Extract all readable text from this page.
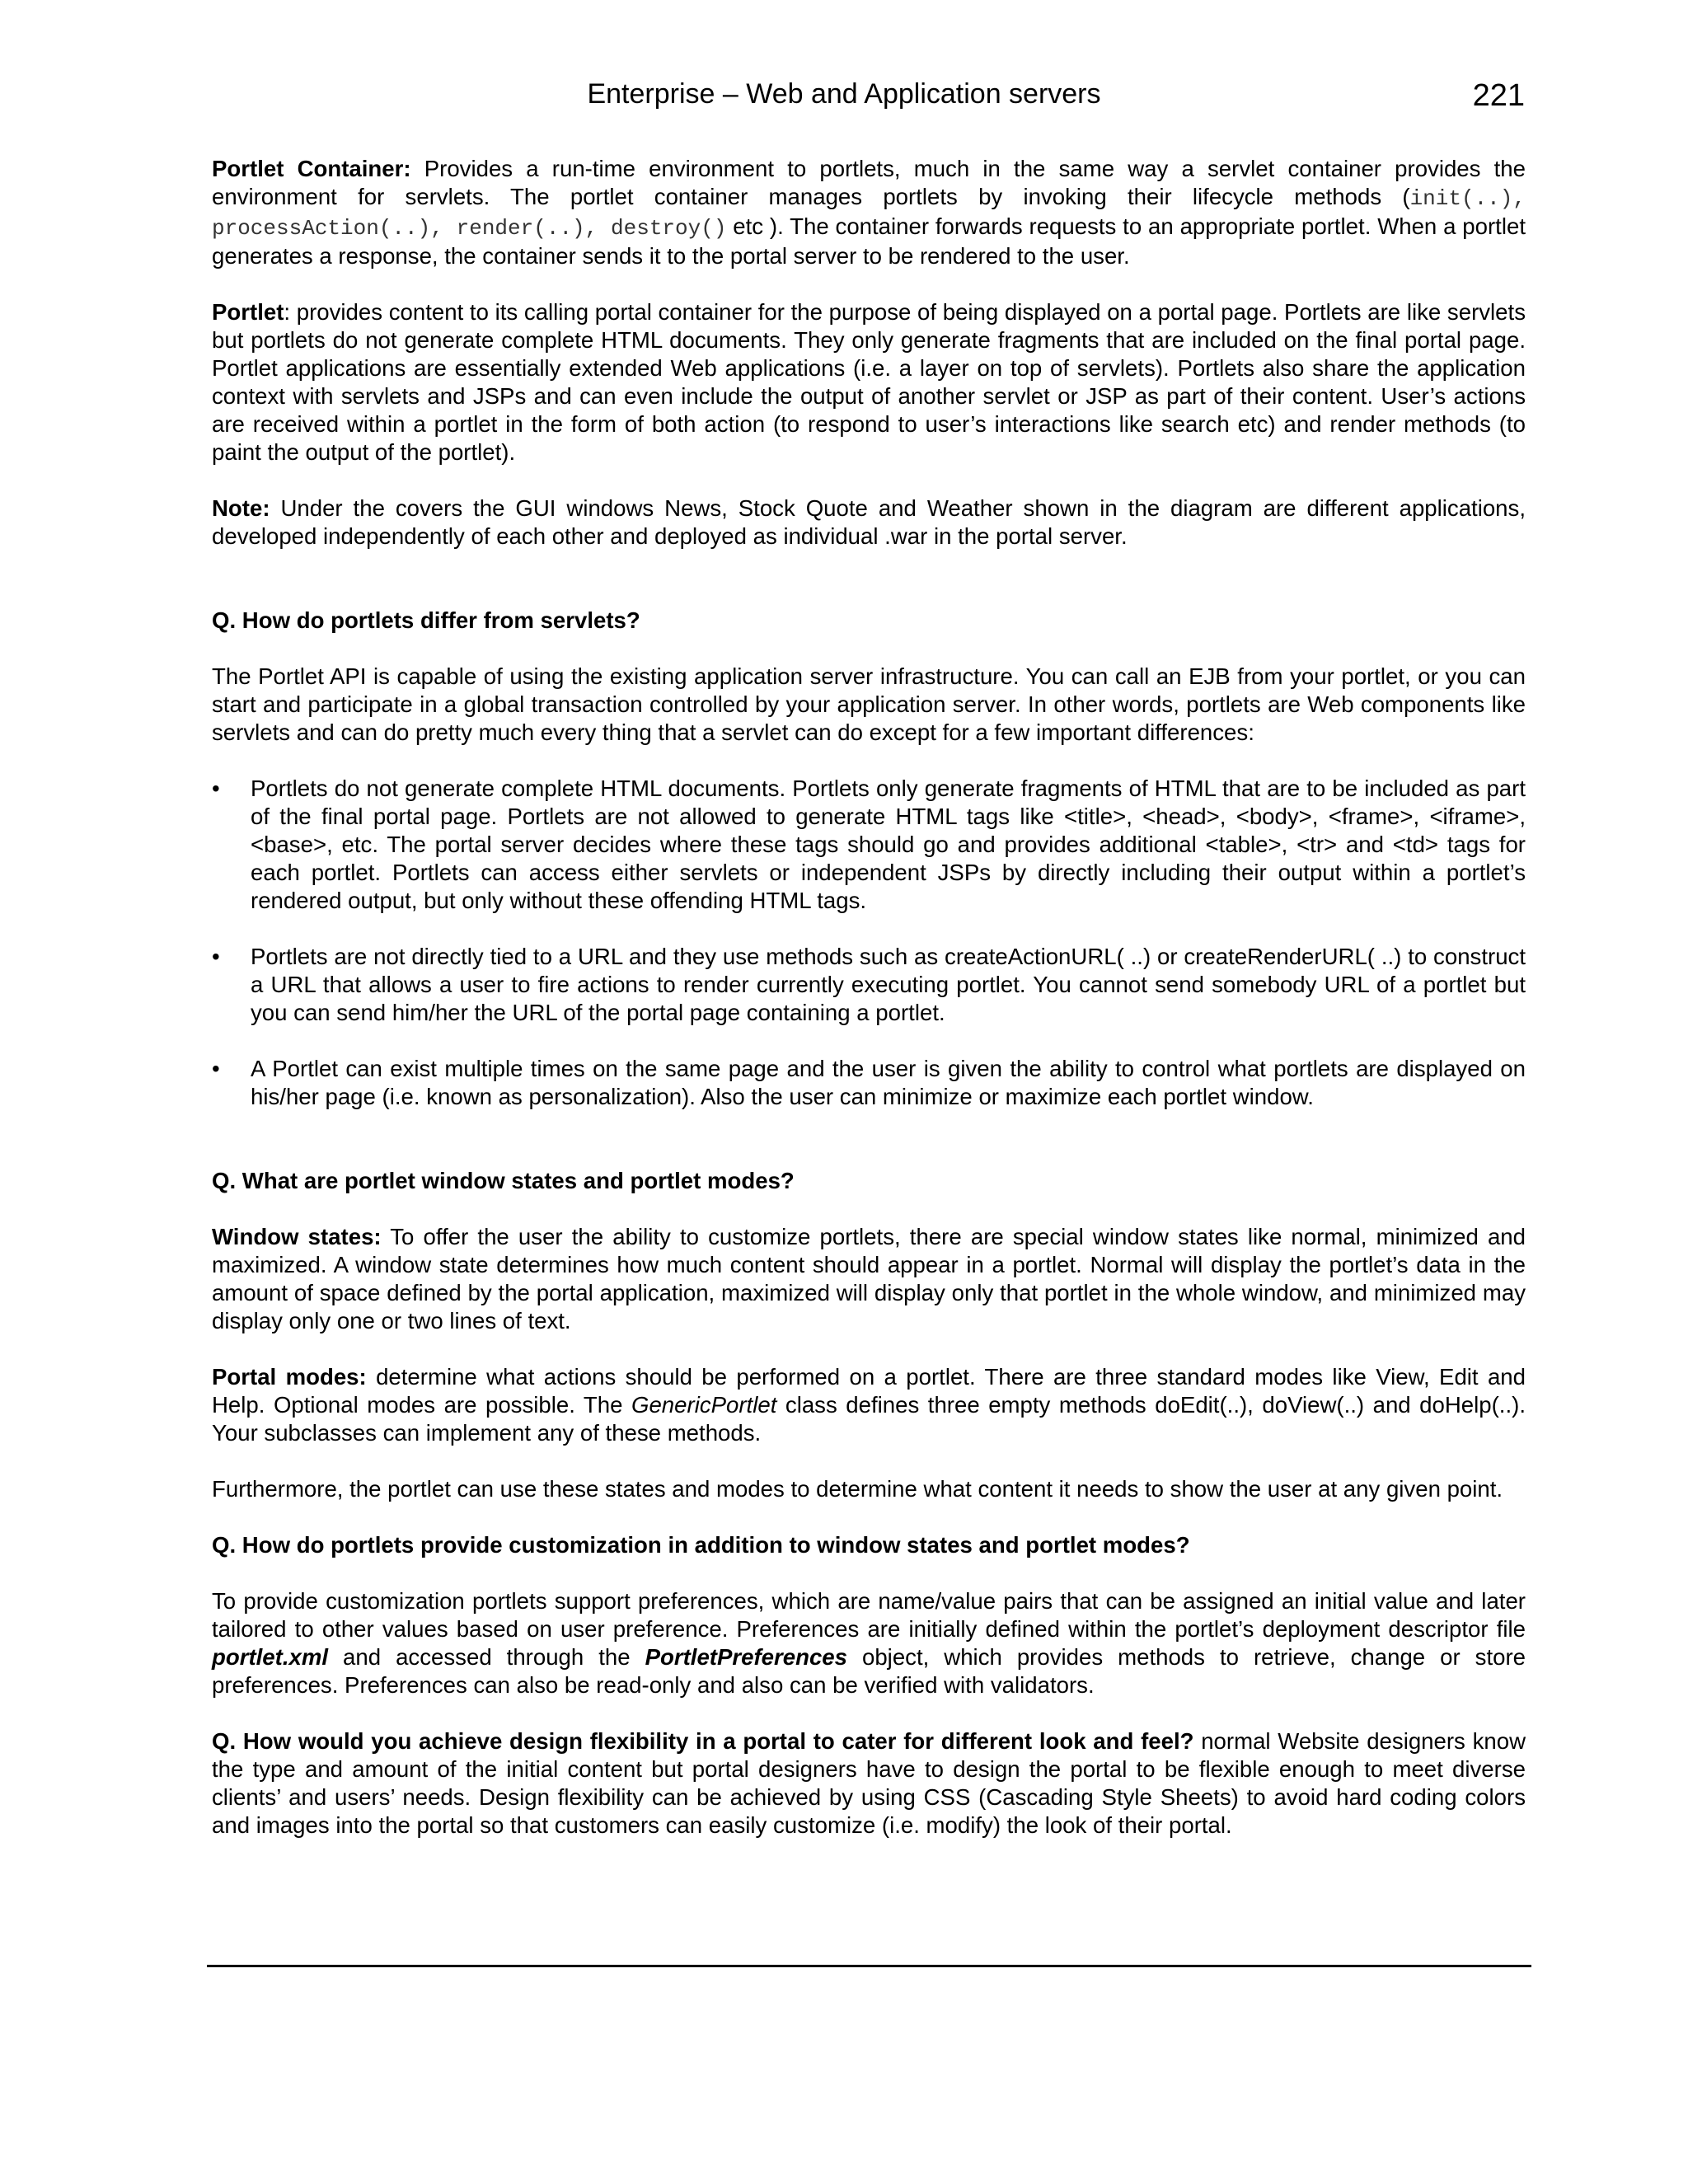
Enterprise – Web and Application servers	221

Portlet Container: Provides a run-time environment to portlets, much in the same way a servlet container provides the environment for servlets. The portlet container manages portlets by invoking their lifecycle methods (init(..), processAction(..), render(..), destroy() etc ). The container forwards requests to an appropriate portlet. When a portlet generates a response, the container sends it to the portal server to be rendered to the user.

Portlet: provides content to its calling portal container for the purpose of being displayed on a portal page. Portlets are like servlets but portlets do not generate complete HTML documents. They only generate fragments that are included on the final portal page. Portlet applications are essentially extended Web applications (i.e. a layer on top of servlets). Portlets also share the application context with servlets and JSPs and can even include the output of another servlet or JSP as part of their content. User’s actions are received within a portlet in the form of both action (to respond to user’s interactions like search etc) and render methods (to paint the output of the portlet).

Note: Under the covers the GUI windows News, Stock Quote and Weather shown in the diagram are different applications, developed independently of each other and deployed as individual .war in the portal server.

Q. How do portlets differ from servlets?

The Portlet API is capable of using the existing application server infrastructure. You can call an EJB from your portlet, or you can start and participate in a global transaction controlled by your application server. In other words, portlets are Web components like servlets and can do pretty much every thing that a servlet can do except for a few important differences:

• Portlets do not generate complete HTML documents. Portlets only generate fragments of HTML that are to be included as part of the final portal page. Portlets are not allowed to generate HTML tags like <title>, <head>, <body>, <frame>, <iframe>, <base>, etc. The portal server decides where these tags should go and provides additional <table>, <tr> and <td> tags for each portlet. Portlets can access either servlets or independent JSPs by directly including their output within a portlet’s rendered output, but only without these offending HTML tags.
• Portlets are not directly tied to a URL and they use methods such as createActionURL( ..) or createRenderURL( ..) to construct a URL that allows a user to fire actions to render currently executing portlet. You cannot send somebody URL of a portlet but you can send him/her the URL of the portal page containing a portlet.
• A Portlet can exist multiple times on the same page and the user is given the ability to control what portlets are displayed on his/her page (i.e. known as personalization). Also the user can minimize or maximize each portlet window.

Q. What are portlet window states and portlet modes?

Window states: To offer the user the ability to customize portlets, there are special window states like normal, minimized and maximized. A window state determines how much content should appear in a portlet. Normal will display the portlet’s data in the amount of space defined by the portal application, maximized will display only that portlet in the whole window, and minimized may display only one or two lines of text.

Portal modes: determine what actions should be performed on a portlet. There are three standard modes like View, Edit and Help. Optional modes are possible. The GenericPortlet class defines three empty methods doEdit(..), doView(..) and doHelp(..). Your subclasses can implement any of these methods.

Furthermore, the portlet can use these states and modes to determine what content it needs to show the user at any given point.

Q. How do portlets provide customization in addition to window states and portlet modes?

To provide customization portlets support preferences, which are name/value pairs that can be assigned an initial value and later tailored to other values based on user preference. Preferences are initially defined within the portlet’s deployment descriptor file portlet.xml and accessed through the PortletPreferences object, which provides methods to retrieve, change or store preferences. Preferences can also be read-only and also can be verified with validators.

Q. How would you achieve design flexibility in a portal to cater for different look and feel? normal Website designers know the type and amount of the initial content but portal designers have to design the portal to be flexible enough to meet diverse clients’ and users’ needs. Design flexibility can be achieved by using CSS (Cascading Style Sheets) to avoid hard coding colors and images into the portal so that customers can easily customize (i.e. modify) the look of their portal.
